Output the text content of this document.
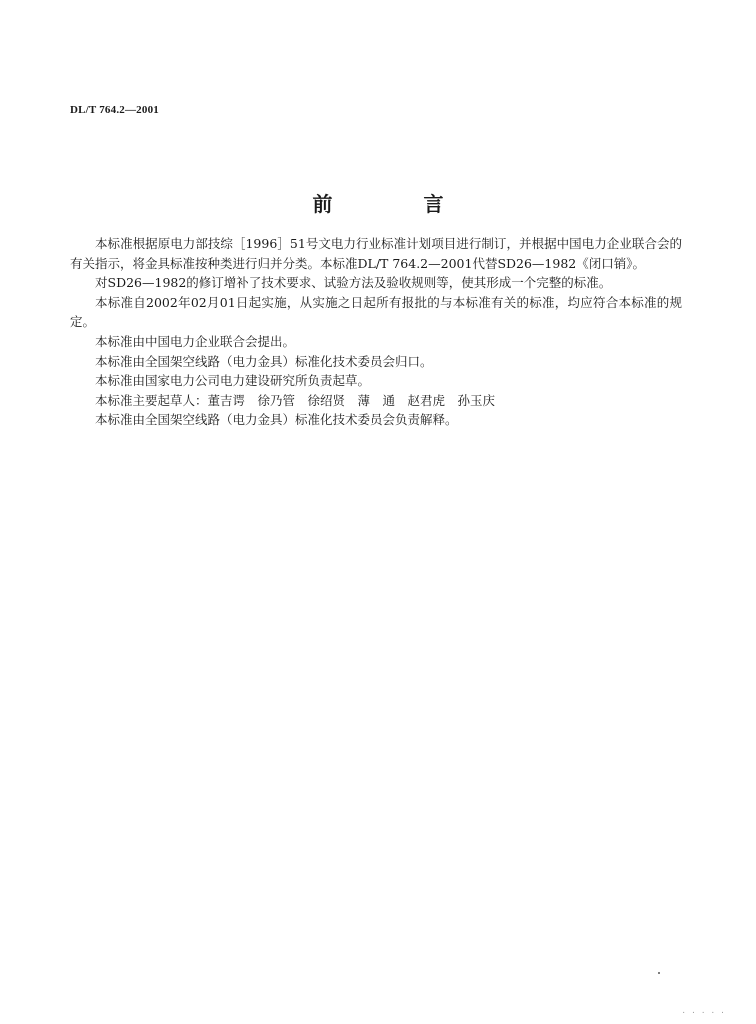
DL/T 764.2—2001
前 言

本标准根据原电力部技综［1996］51号文电力行业标准计划项目进行制订，并根据中国电力企业联合会的有关指示，将金具标准按种类进行归并分类。本标准DL/T 764.2—2001代替SD26—1982《闭口销》。

对SD26—1982的修订增补了技术要求、试验方法及验收规则等，使其形成一个完整的标准。

本标准自2002年02月01日起实施，从实施之日起所有报批的与本标准有关的标准，均应符合本标准的规定。

本标准由中国电力企业联合会提出。

本标准由全国架空线路（电力金具）标准化技术委员会归口。

本标准由国家电力公司电力建设研究所负责起草。

本标准主要起草人：董吉谔　徐乃管　徐绍贤　薄　通　赵君虎　孙玉庆

本标准由全国架空线路（电力金具）标准化技术委员会负责解释。

. . . . .
